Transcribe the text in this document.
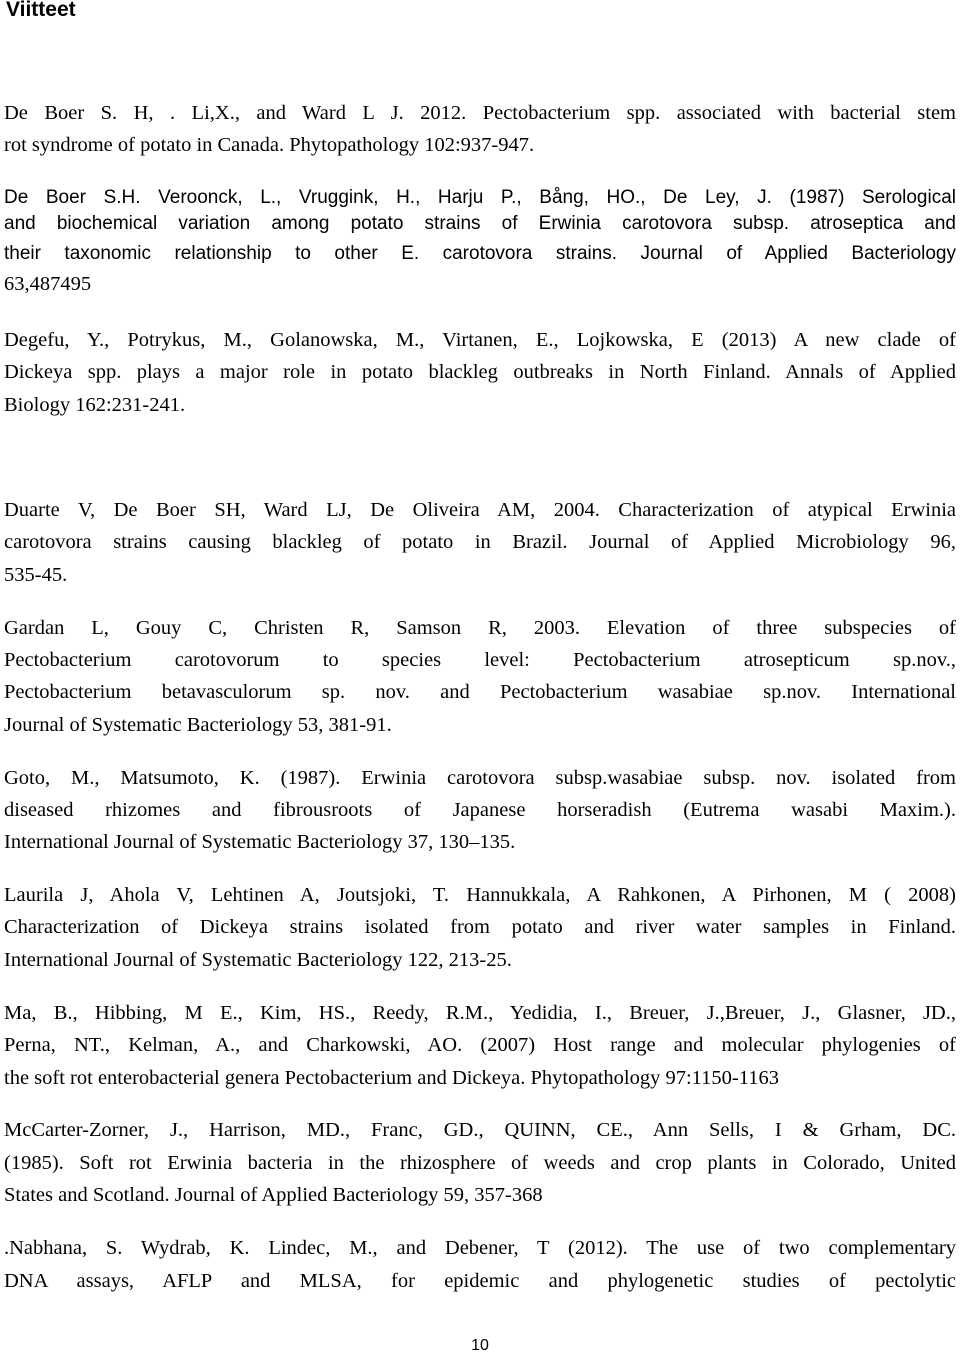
Viitteet
De Boer S. H, . Li,X., and Ward L J. 2012. Pectobacterium spp. associated with bacterial stem
rot syndrome of potato in Canada. Phytopathology 102:937-947.
De Boer S.H. Veroonck, L., Vruggink, H., Harju P., Bång, HO., De Ley, J. (1987) Serological
and biochemical variation among potato strains of Erwinia carotovora subsp. atroseptica and
their taxonomic relationship to other E. carotovora strains. Journal of Applied Bacteriology
63,487495
Degefu, Y., Potrykus, M., Golanowska, M., Virtanen, E., Lojkowska, E (2013) A new clade of
Dickeya spp. plays a major role in potato blackleg outbreaks in North Finland. Annals of Applied
Biology 162:231-241.
Duarte V, De Boer SH, Ward LJ, De Oliveira AM, 2004. Characterization of atypical Erwinia
carotovora strains causing blackleg of potato in Brazil. Journal of Applied Microbiology 96,
535-45.
Gardan L, Gouy C, Christen R, Samson R, 2003. Elevation of three subspecies of
Pectobacterium carotovorum to species level: Pectobacterium atrosepticum sp.nov.,
Pectobacterium betavasculorum sp. nov. and Pectobacterium wasabiae sp.nov. International
Journal of Systematic Bacteriology 53, 381-91.
Goto, M., Matsumoto, K. (1987). Erwinia carotovora subsp.wasabiae subsp. nov. isolated from
diseased rhizomes and fibrousroots of Japanese horseradish (Eutrema wasabi Maxim.).
International Journal of Systematic Bacteriology 37, 130–135.
Laurila J, Ahola V, Lehtinen A, Joutsjoki, T. Hannukkala, A Rahkonen, A Pirhonen, M ( 2008)
Characterization of Dickeya strains isolated from potato and river water samples in Finland.
International Journal of Systematic Bacteriology 122, 213-25.
Ma, B., Hibbing, M E., Kim, HS., Reedy, R.M., Yedidia, I., Breuer, J.,Breuer, J., Glasner, JD.,
Perna, NT., Kelman, A., and Charkowski, AO. (2007) Host range and molecular phylogenies of
the soft rot enterobacterial genera Pectobacterium and Dickeya. Phytopathology 97:1150-1163
McCarter-Zorner, J., Harrison, MD., Franc, GD., QUINN, CE., Ann Sells, I & Grham, DC.
(1985). Soft rot Erwinia bacteria in the rhizosphere of weeds and crop plants in Colorado, United
States and Scotland. Journal of Applied Bacteriology 59, 357-368
.Nabhana, S. Wydrab, K. Lindec, M., and Debener, T (2012). The use of two complementary
DNA assays, AFLP and MLSA, for epidemic and phylogenetic studies of pectolytic
10
